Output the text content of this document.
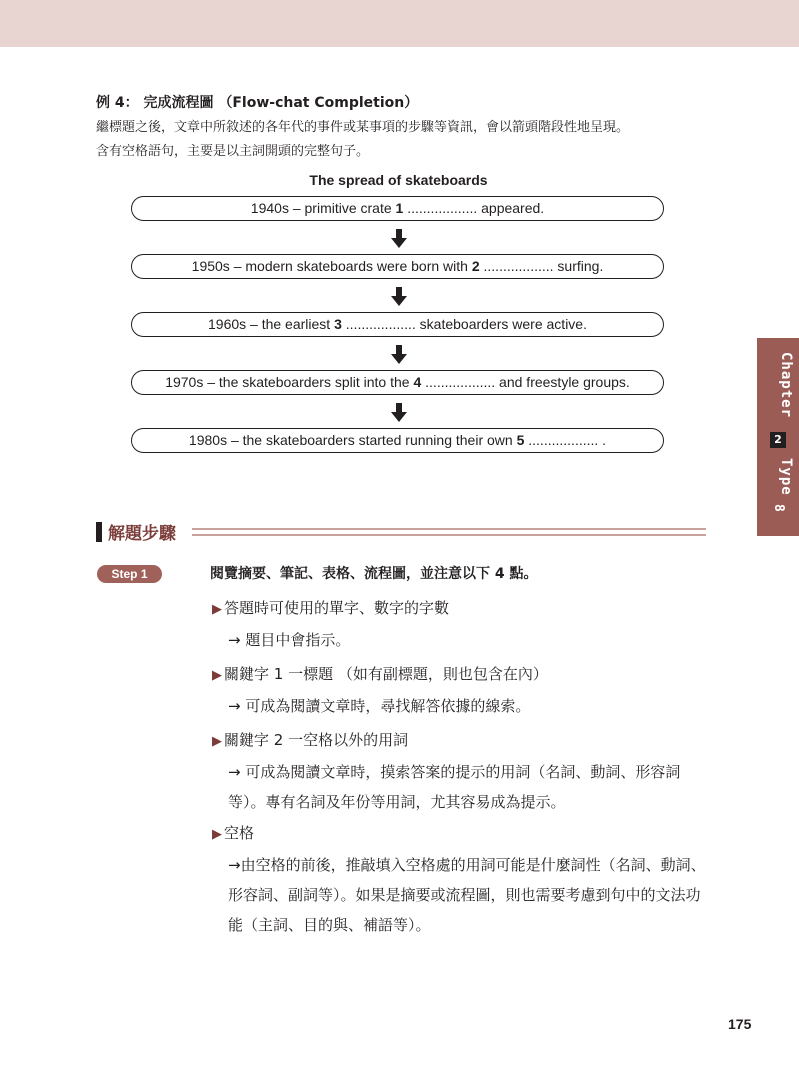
例 4： 完成流程圖 （Flow-chat Completion）
繼標題之後，文章中所敘述的各年代的事件或某事項的步驟等資訊，會以箭頭階段性地呈現。
含有空格語句，主要是以主詞開頭的完整句子。
The spread of skateboards
1940s – primitive crate 1 .................. appeared.
1950s – modern skateboards were born with 2 .................. surfing.
1960s – the earliest 3 .................. skateboarders were active.
1970s – the skateboarders split into the 4 .................. and freestyle groups.
1980s – the skateboarders started running their own 5 .................. .
Chapter
2
Type
8
解題步驟
Step 1	閱覽摘要、筆記、表格、流程圖，並注意以下 4 點。
▶ 答題時可使用的單字、數字的字數
→ 題目中會指示。
▶ 關鍵字 1 一標題 （如有副標題，則也包含在內）
→ 可成為閱讀文章時，尋找解答依據的線索。
▶ 關鍵字 2 一空格以外的用詞
→ 可成為閱讀文章時，摸索答案的提示的用詞（名詞、動詞、形容詞等）。專有名詞及年份等用詞，尤其容易成為提示。
▶ 空格
→由空格的前後，推敲填入空格處的用詞可能是什麼詞性（名詞、動詞、形容詞、副詞等）。如果是摘要或流程圖，則也需要考慮到句中的文法功能（主詞、目的與、補語等）。
175
